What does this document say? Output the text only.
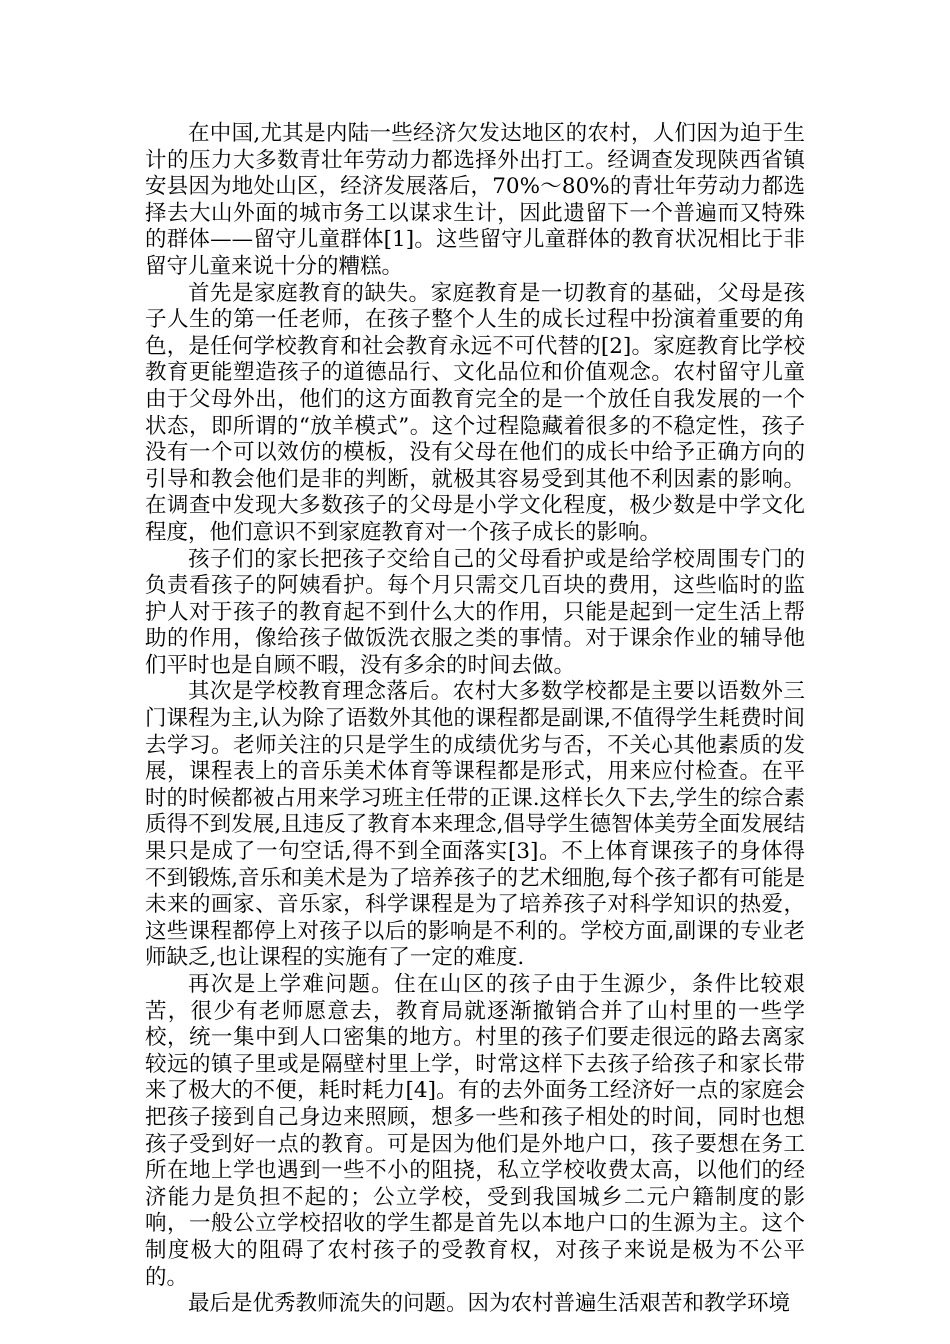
在中国,尤其是内陆一些经济欠发达地区的农村，人们因为迫于生计的压力大多数青壮年劳动力都选择外出打工。经调查发现陕西省镇安县因为地处山区，经济发展落后，70%～80%的青壮年劳动力都选择去大山外面的城市务工以谋求生计，因此遗留下一个普遍而又特殊的群体——留守儿童群体[1]。这些留守儿童群体的教育状况相比于非留守儿童来说十分的糟糕。

首先是家庭教育的缺失。家庭教育是一切教育的基础，父母是孩子人生的第一任老师，在孩子整个人生的成长过程中扮演着重要的角色，是任何学校教育和社会教育永远不可代替的[2]。家庭教育比学校教育更能塑造孩子的道德品行、文化品位和价值观念。农村留守儿童由于父母外出，他们的这方面教育完全的是一个放任自我发展的一个状态，即所谓的“放羊模式”。这个过程隐藏着很多的不稳定性，孩子没有一个可以效仿的模板，没有父母在他们的成长中给予正确方向的引导和教会他们是非的判断，就极其容易受到其他不利因素的影响。在调查中发现大多数孩子的父母是小学文化程度，极少数是中学文化程度，他们意识不到家庭教育对一个孩子成长的影响。

孩子们的家长把孩子交给自己的父母看护或是给学校周围专门的负责看孩子的阿姨看护。每个月只需交几百块的费用，这些临时的监护人对于孩子的教育起不到什么大的作用，只能是起到一定生活上帮助的作用，像给孩子做饭洗衣服之类的事情。对于课余作业的辅导他们平时也是自顾不暇，没有多余的时间去做。

其次是学校教育理念落后。农村大多数学校都是主要以语数外三门课程为主,认为除了语数外其他的课程都是副课,不值得学生耗费时间去学习。老师关注的只是学生的成绩优劣与否，不关心其他素质的发展，课程表上的音乐美术体育等课程都是形式，用来应付检查。在平时的时候都被占用来学习班主任带的正课.这样长久下去,学生的综合素质得不到发展,且违反了教育本来理念,倡导学生德智体美劳全面发展结果只是成了一句空话,得不到全面落实[3]。不上体育课孩子的身体得不到锻炼,音乐和美术是为了培养孩子的艺术细胞,每个孩子都有可能是未来的画家、音乐家，科学课程是为了培养孩子对科学知识的热爱，这些课程都停上对孩子以后的影响是不利的。学校方面,副课的专业老师缺乏,也让课程的实施有了一定的难度.

再次是上学难问题。住在山区的孩子由于生源少，条件比较艰苦，很少有老师愿意去，教育局就逐渐撤销合并了山村里的一些学校，统一集中到人口密集的地方。村里的孩子们要走很远的路去离家较远的镇子里或是隔壁村里上学，时常这样下去孩子给孩子和家长带来了极大的不便，耗时耗力[4]。有的去外面务工经济好一点的家庭会把孩子接到自己身边来照顾，想多一些和孩子相处的时间，同时也想孩子受到好一点的教育。可是因为他们是外地户口，孩子要想在务工所在地上学也遇到一些不小的阻挠，私立学校收费太高，以他们的经济能力是负担不起的；公立学校，受到我国城乡二元户籍制度的影响，一般公立学校招收的学生都是首先以本地户口的生源为主。这个制度极大的阻碍了农村孩子的受教育权，对孩子来说是极为不公平的。

最后是优秀教师流失的问题。因为农村普遍生活艰苦和教学环境
